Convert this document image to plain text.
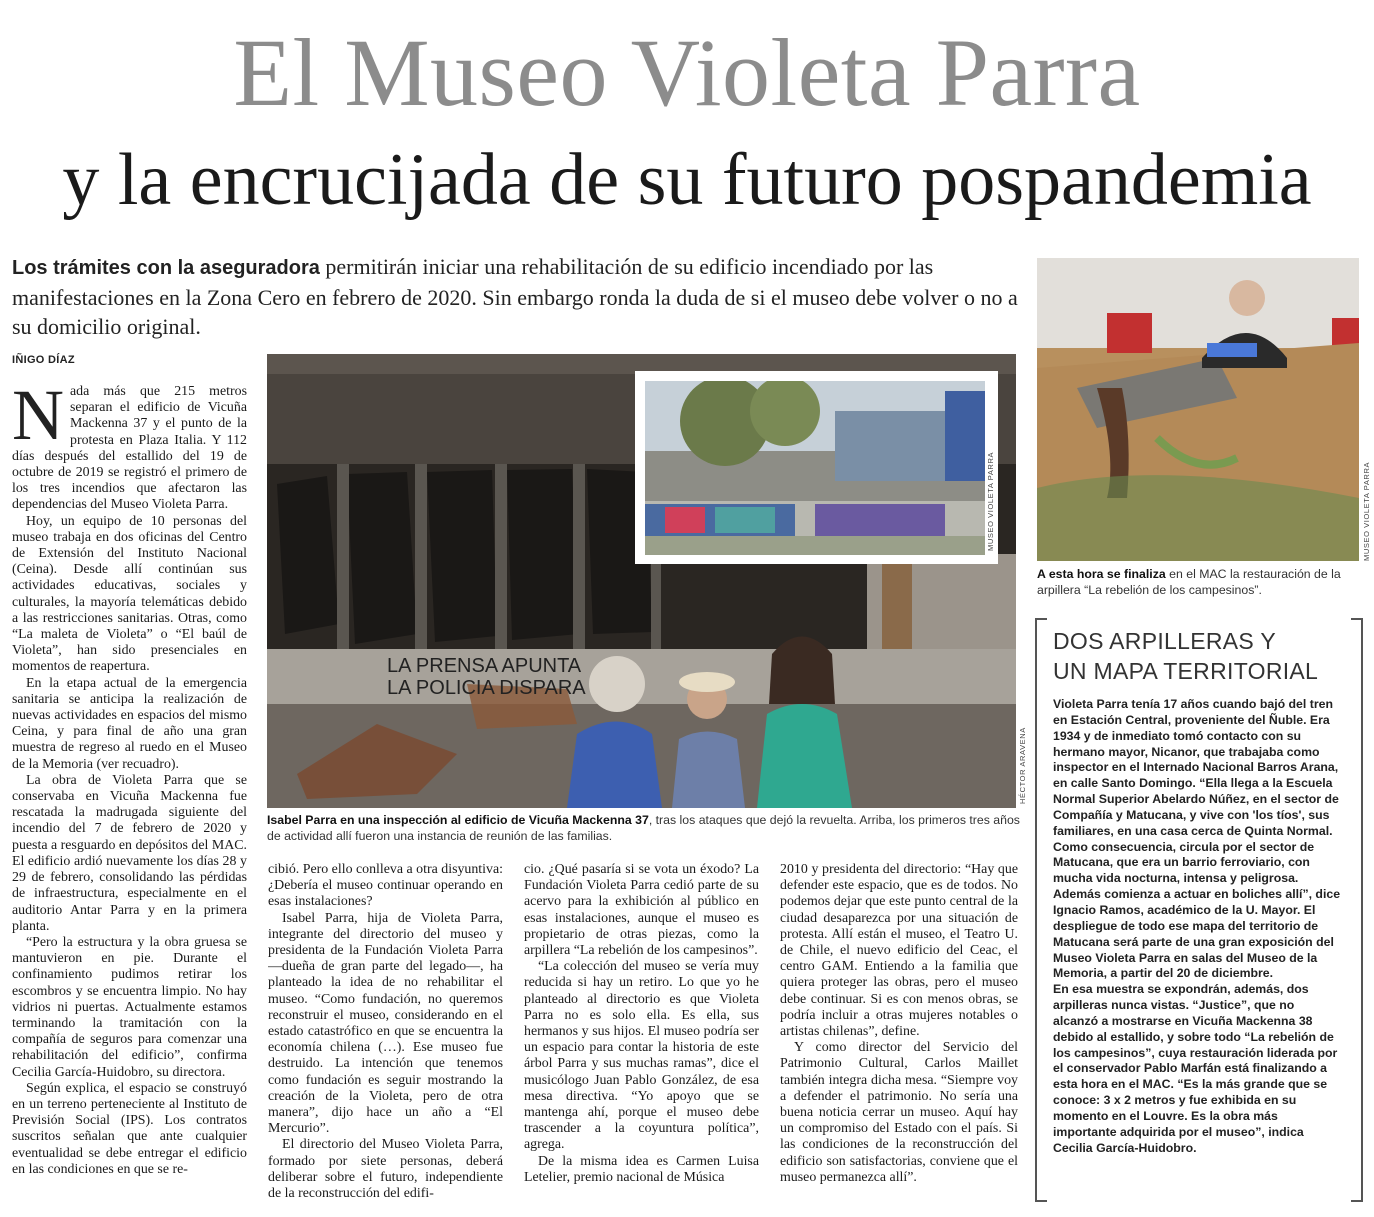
El Museo Violeta Parra
y la encrucijada de su futuro pospandemia
Los trámites con la aseguradora permitirán iniciar una rehabilitación de su edificio incendiado por las manifestaciones en la Zona Cero en febrero de 2020. Sin embargo ronda la duda de si el museo debe volver o no a su domicilio original.
IÑIGO DÍAZ

Nada más que 215 metros separan el edificio de Vicuña Mackenna 37 y el punto de la protesta en Plaza Italia. Y 112 días después del estallido del 19 de octubre de 2019 se registró el primero de los tres incendios que afectaron las dependencias del Museo Violeta Parra.

Hoy, un equipo de 10 personas del museo trabaja en dos oficinas del Centro de Extensión del Instituto Nacional (Ceina). Desde allí continúan sus actividades educativas, sociales y culturales, la mayoría telemáticas debido a las restricciones sanitarias. Otras, como “La maleta de Violeta” o “El baúl de Violeta”, han sido presenciales en momentos de reapertura.

En la etapa actual de la emergencia sanitaria se anticipa la realización de nuevas actividades en espacios del mismo Ceina, y para final de año una gran muestra de regreso al ruedo en el Museo de la Memoria (ver recuadro).

La obra de Violeta Parra que se conservaba en Vicuña Mackenna fue rescatada la madrugada siguiente del incendio del 7 de febrero de 2020 y puesta a resguardo en depósitos del MAC. El edificio ardió nuevamente los días 28 y 29 de febrero, consolidando las pérdidas de infraestructura, especialmente en el auditorio Antar Parra y en la primera planta.

“Pero la estructura y la obra gruesa se mantuvieron en pie. Durante el confinamiento pudimos retirar los escombros y se encuentra limpio. No hay vidrios ni puertas. Actualmente estamos terminando la tramitación con la compañía de seguros para comenzar una rehabilitación del edificio”, confirma Cecilia García-Huidobro, su directora.

Según explica, el espacio se construyó en un terreno perteneciente al Instituto de Previsión Social (IPS). Los contratos suscritos señalan que ante cualquier eventualidad se debe entregar el edificio en las condiciones en que se re-

LA PRENSA APUNTA
LA POLICIA DISPARA
MUSEO VIOLETA PARRA
HÉCTOR ARAVENA
Isabel Parra en una inspección al edificio de Vicuña Mackenna 37, tras los ataques que dejó la revuelta. Arriba, los primeros tres años de actividad allí fueron una instancia de reunión de las familias.

cibió. Pero ello conlleva a otra disyuntiva: ¿Debería el museo continuar operando en esas instalaciones?

Isabel Parra, hija de Violeta Parra, integrante del directorio del museo y presidenta de la Fundación Violeta Parra —dueña de gran parte del legado—, ha planteado la idea de no rehabilitar el museo. “Como fundación, no queremos reconstruir el museo, considerando en el estado catastrófico en que se encuentra la economía chilena (…). Ese museo fue destruido. La intención que tenemos como fundación es seguir mostrando la creación de la Violeta, pero de otra manera”, dijo hace un año a “El Mercurio”.

El directorio del Museo Violeta Parra, formado por siete personas, deberá deliberar sobre el futuro, independiente de la reconstrucción del edifi-

cio. ¿Qué pasaría si se vota un éxodo? La Fundación Violeta Parra cedió parte de su acervo para la exhibición al público en esas instalaciones, aunque el museo es propietario de otras piezas, como la arpillera “La rebelión de los campesinos”.

“La colección del museo se vería muy reducida si hay un retiro. Lo que yo he planteado al directorio es que Violeta Parra no es solo ella. Es ella, sus hermanos y sus hijos. El museo podría ser un espacio para contar la historia de este árbol Parra y sus muchas ramas”, dice el musicólogo Juan Pablo González, de esa mesa directiva. “Yo apoyo que se mantenga ahí, porque el museo debe trascender a la coyuntura política”, agrega.

De la misma idea es Carmen Luisa Letelier, premio nacional de Música

2010 y presidenta del directorio: “Hay que defender este espacio, que es de todos. No podemos dejar que este punto central de la ciudad desaparezca por una situación de protesta. Allí están el museo, el Teatro U. de Chile, el nuevo edificio del Ceac, el centro GAM. Entiendo a la familia que quiera proteger las obras, pero el museo debe continuar. Si es con menos obras, se podría incluir a otras mujeres notables o artistas chilenas”, define.

Y como director del Servicio del Patrimonio Cultural, Carlos Maillet también integra dicha mesa. “Siempre voy a defender el patrimonio. No sería una buena noticia cerrar un museo. Aquí hay un compromiso del Estado con el país. Si las condiciones de la reconstrucción del edificio son satisfactorias, conviene que el museo permanezca allí”.

MUSEO VIOLETA PARRA
A esta hora se finaliza en el MAC la restauración de la arpillera “La rebelión de los campesinos”.
DOS ARPILLERAS Y
UN MAPA TERRITORIAL

Violeta Parra tenía 17 años cuando bajó del tren en Estación Central, proveniente del Ñuble. Era 1934 y de inmediato tomó contacto con su hermano mayor, Nicanor, que trabajaba como inspector en el Internado Nacional Barros Arana, en calle Santo Domingo. “Ella llega a la Escuela Normal Superior Abelardo Núñez, en el sector de Compañía y Matucana, y vive con 'los tíos', sus familiares, en una casa cerca de Quinta Normal. Como consecuencia, circula por el sector de Matucana, que era un barrio ferroviario, con mucha vida nocturna, intensa y peligrosa. Además comienza a actuar en boliches allí”, dice Ignacio Ramos, académico de la U. Mayor. El despliegue de todo ese mapa del territorio de Matucana será parte de una gran exposición del Museo Violeta Parra en salas del Museo de la Memoria, a partir del 20 de diciembre.

En esa muestra se expondrán, además, dos arpilleras nunca vistas. “Justice”, que no alcanzó a mostrarse en Vicuña Mackenna 38 debido al estallido, y sobre todo “La rebelión de los campesinos”, cuya restauración liderada por el conservador Pablo Marfán está finalizando a esta hora en el MAC. “Es la más grande que se conoce: 3 x 2 metros y fue exhibida en su momento en el Louvre. Es la obra más importante adquirida por el museo”, indica Cecilia García-Huidobro.
